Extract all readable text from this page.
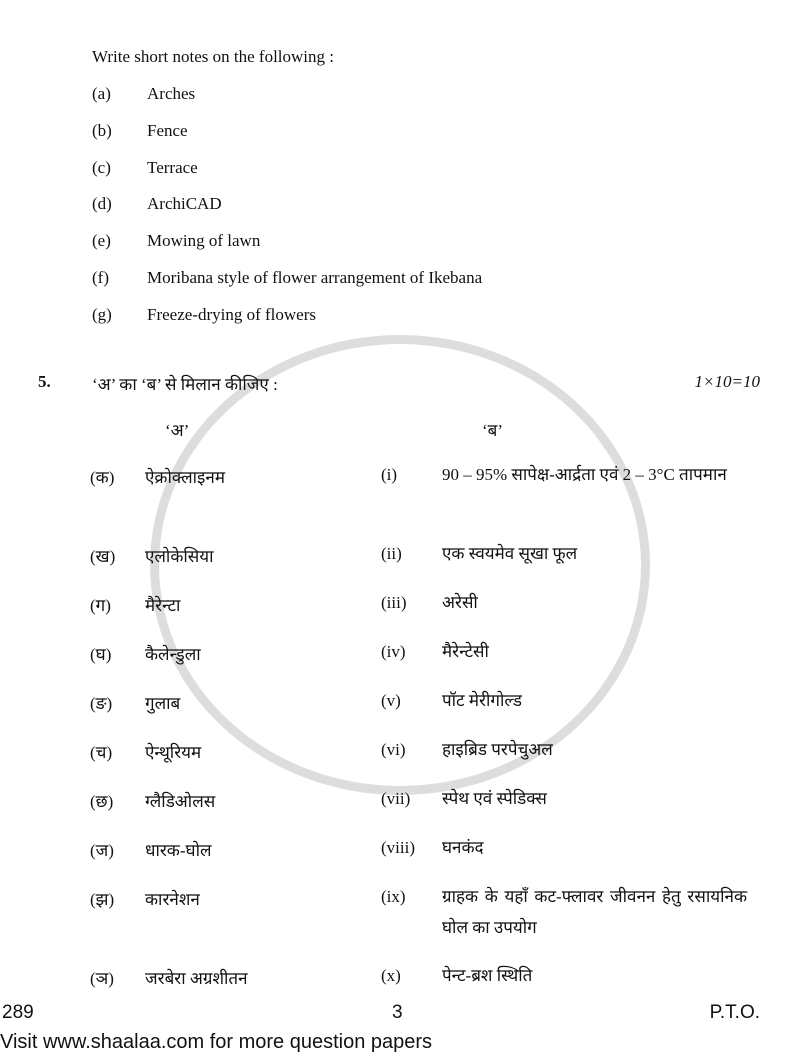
Write short notes on the following :
(a) Arches
(b) Fence
(c) Terrace
(d) ArchiCAD
(e) Mowing of lawn
(f) Moribana style of flower arrangement of Ikebana
(g) Freeze-drying of flowers
5. ‘अ’ का ‘ब’ से मिलान कीजिए :	1×10=10
‘अ’	‘ब’
(क) ऐक्रोक्लाइनम	(i)	90 – 95% सापेक्ष-आर्द्रता एवं 2 – 3°C तापमान
(ख) एलोकेसिया	(ii) एक स्वयमेव सूखा फूल
(ग) मैरेन्टा	(iii) अरेसी
(घ) कैलेन्डुला	(iv) मैरेन्टेसी
(ङ) गुलाब	(v) पॉट मेरीगोल्ड
(च) ऐन्थूरियम	(vi) हाइब्रिड परपेचुअल
(छ) ग्लैडिओलस	(vii) स्पेथ एवं स्पेडिक्स
(ज) धारक-घोल	(viii) घनकंद
(झ) कारनेशन	(ix) ग्राहक के यहाँ कट-फ्लावर जीवनन हेतु रसायनिक घोल का उपयोग
(ञ) जरबेरा अग्रशीतन	(x) पेन्ट-ब्रश स्थिति
289	3	P.T.O.
Visit www.shaalaa.com for more question papers
